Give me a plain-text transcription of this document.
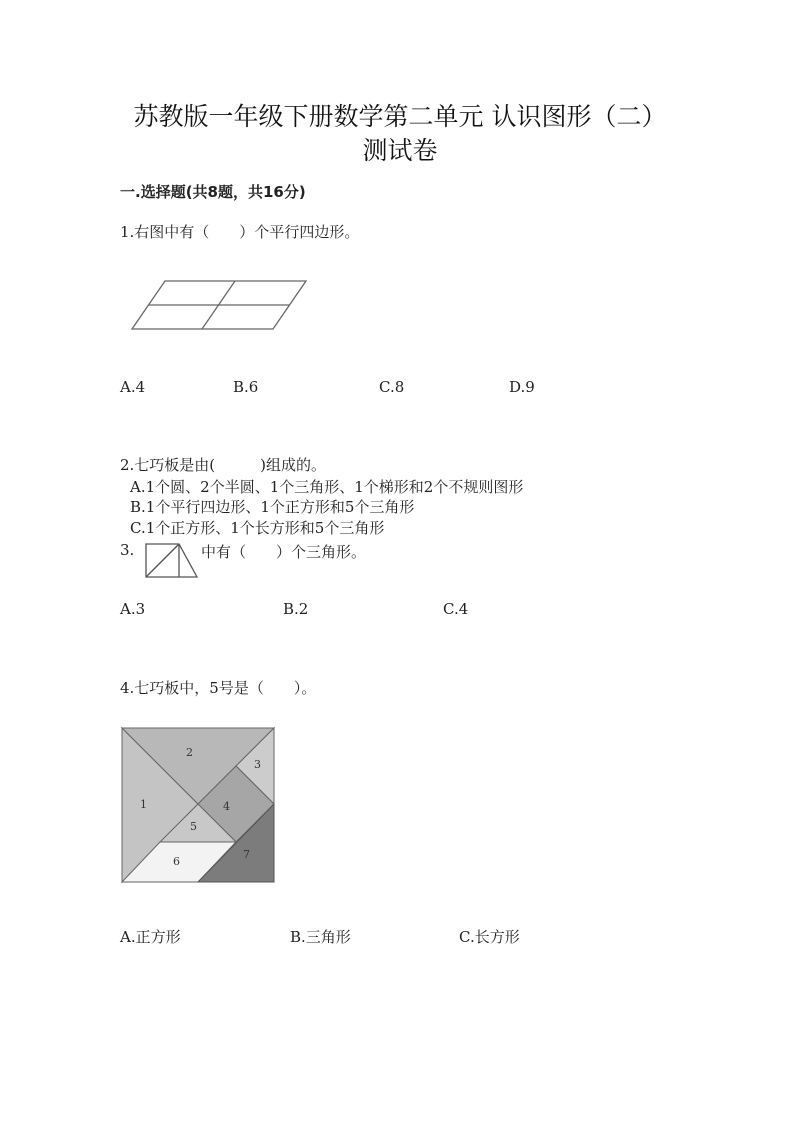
苏教版一年级下册数学第二单元 认识图形（二）
测试卷
一.选择题(共8题，共16分)
1.右图中有（　　）个平行四边形。
A.4	B.6	C.8	D.9
2.七巧板是由(　　　)组成的。
A.1个圆、2个半圆、1个三角形、1个梯形和2个不规则图形
B.1个平行四边形、1个正方形和5个三角形
C.1个正方形、1个长方形和5个三角形
3.	中有（　　）个三角形。
A.3	B.2	C.4
4.七巧板中，5号是（　　）。
1
2
3
4
5
6
7
A.正方形	B.三角形	C.长方形
